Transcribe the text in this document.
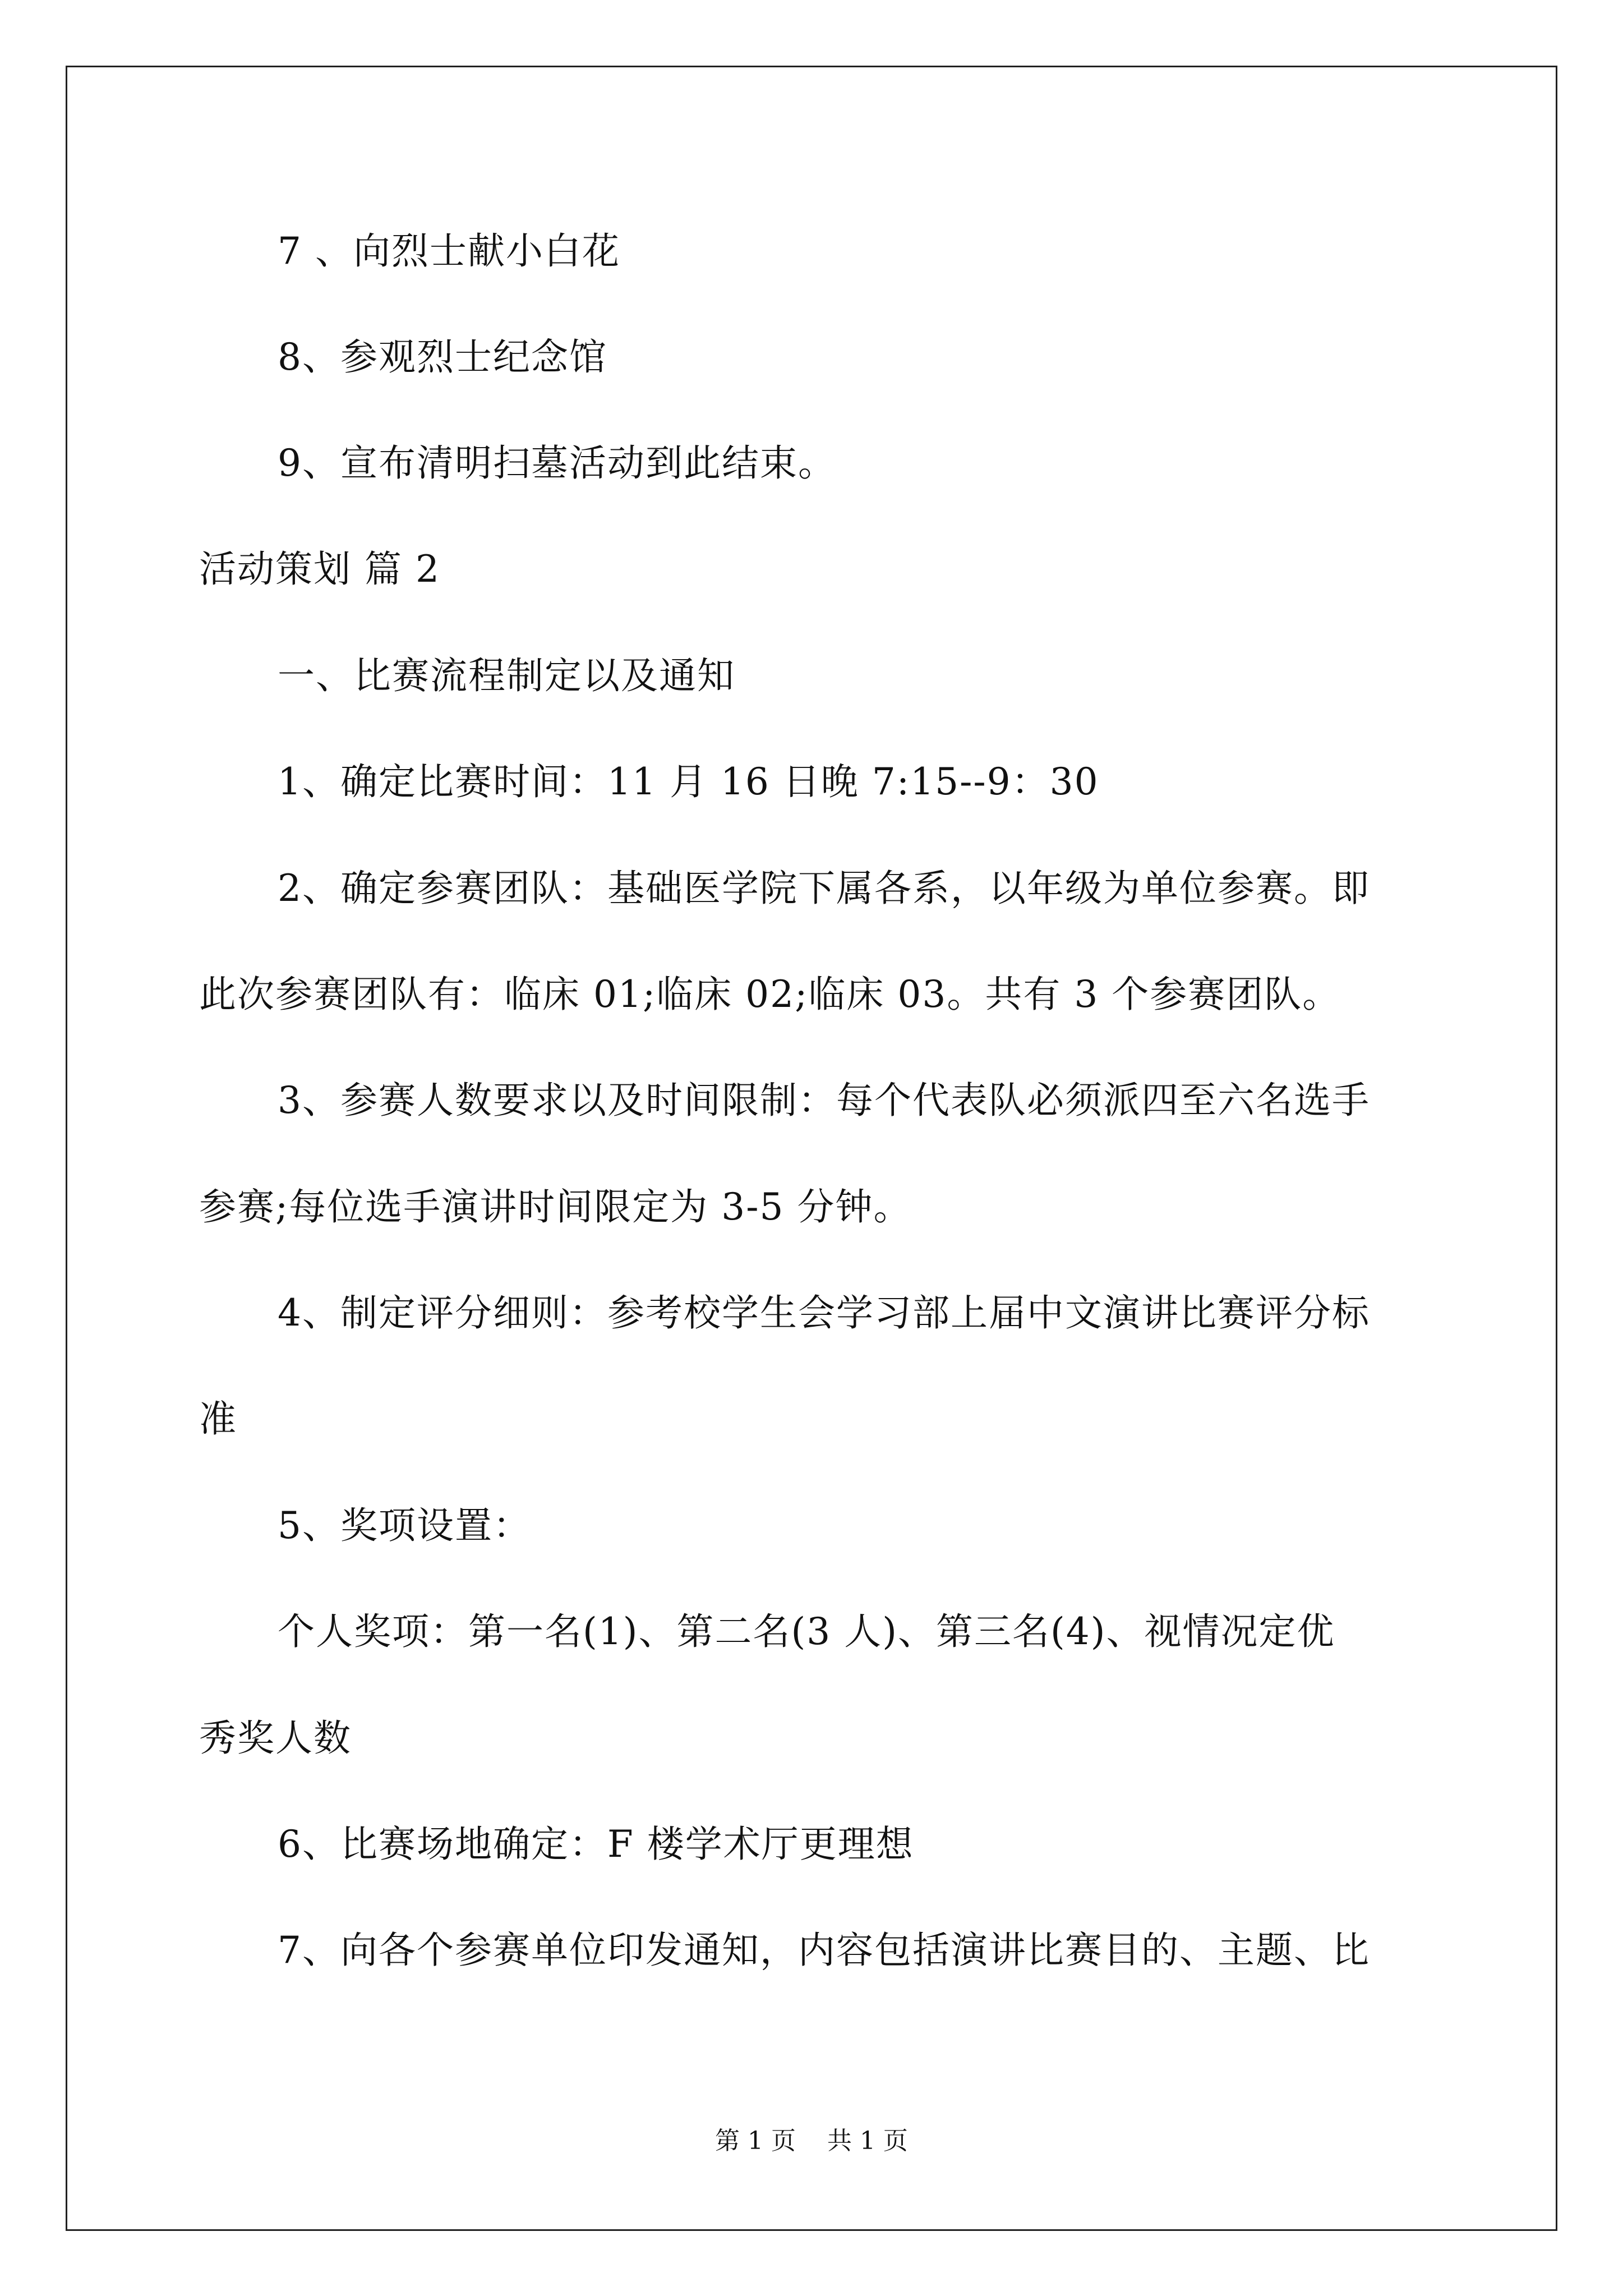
7 、向烈士献小白花
8、参观烈士纪念馆
9、宣布清明扫墓活动到此结束。
活动策划 篇 2
一、比赛流程制定以及通知
1、确定比赛时间：11 月 16 日晚 7:15--9：30
2、确定参赛团队：基础医学院下属各系，以年级为单位参赛。即
此次参赛团队有：临床 01;临床 02;临床 03。共有 3 个参赛团队。
3、参赛人数要求以及时间限制：每个代表队必须派四至六名选手
参赛;每位选手演讲时间限定为 3-5 分钟。
4、制定评分细则：参考校学生会学习部上届中文演讲比赛评分标
准
5、奖项设置：
个人奖项：第一名(1)、第二名(3 人)、第三名(4)、视情况定优
秀奖人数
6、比赛场地确定：F 楼学术厅更理想
7、向各个参赛单位印发通知，内容包括演讲比赛目的、主题、比
第 1 页    共 1 页
